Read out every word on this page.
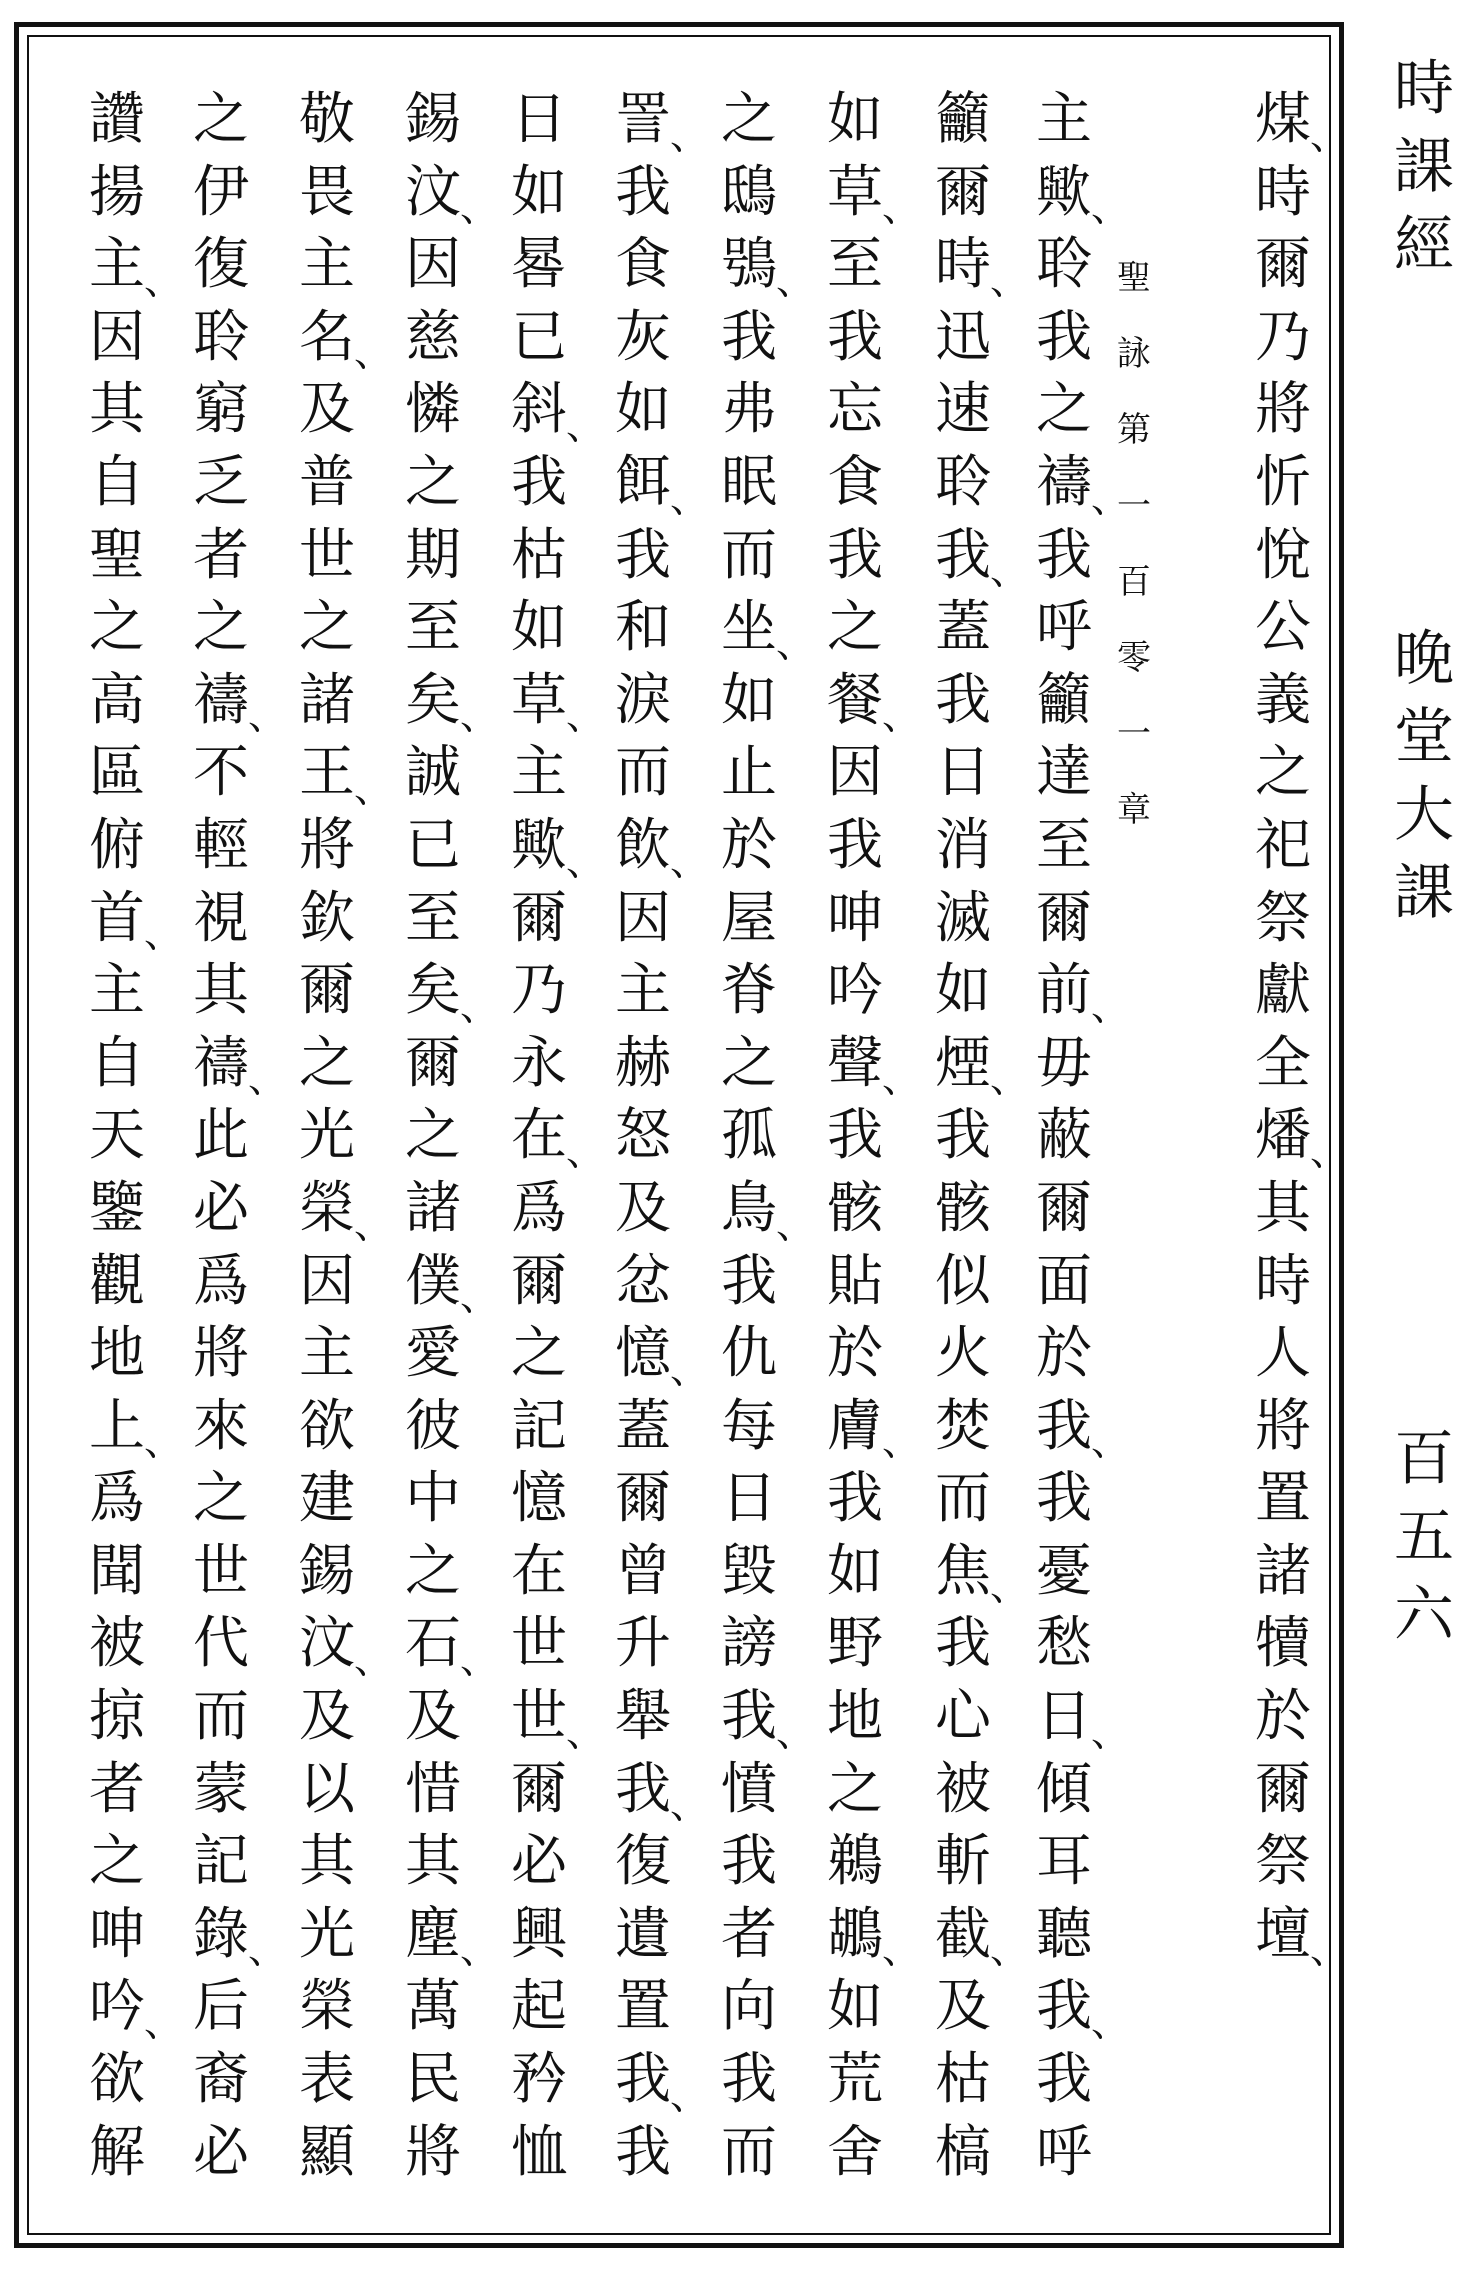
聖
詠
第
一
百
零
一
章
煤 、
時
爾
乃
將
忻
悅
公
義
之
祀
祭
獻
全
燔 、
其
時
人
將
置
諸
犢
於
爾
祭
壇 、
主
歟 、
聆
我
之
禱 、
我
呼
籲
達
至
爾
前 、
毋
蔽
爾
面
於
我 、
我
憂
愁
日 、
傾
耳
聽
我 、
我
呼
籲
爾
時 、
迅
速
聆
我 、
蓋
我
日
消
滅
如
煙 、
我
骸
似
火
焚
而
焦 、
我
心
被
斬
截 、
及
枯
槁
如
草 、
至
我
忘
食
我
之
餐 、
因
我
呻
吟
聲 、
我
骸
貼
於
膚 、
我
如
野
地
之
鵜
鶘 、
如
荒
舍
之
鴟
鴞 、
我
弗
眠
而
坐 、
如
止
於
屋
脊
之
孤
鳥 、
我
仇
每
日
毀
謗
我 、
憤
我
者
向
我
而
詈 、
我
食
灰
如
餌 、
我
和
淚
而
飲 、
因
主
赫
怒
及
忿
憶 、
蓋
爾
曾
升
舉
我 、
復
遺
置
我 、
我
日
如
晷
已
斜 、
我
枯
如
草 、
主
歟 、
爾
乃
永
在 、
爲
爾
之
記
憶
在
世
世 、
爾
必
興
起
矜
恤
錫
汶 、
因
慈
憐
之
期
至
矣 、
誠
已
至
矣 、
爾
之
諸
僕 、
愛
彼
中
之
石 、
及
惜
其
塵 、
萬
民
將
敬
畏
主
名 、
及
普
世
之
諸
王 、
將
欽
爾
之
光
榮 、
因
主
欲
建
錫
汶 、
及
以
其
光
榮
表
顯
之
伊
復
聆
窮
乏
者
之
禱 、
不
輕
視
其
禱 、
此
必
爲
將
來
之
世
代
而
蒙
記
錄 、
后
裔
必
讚
揚
主 、
因
其
自
聖
之
高
區
俯
首 、
主
自
天
鑒
觀
地
上 、
爲
聞
被
掠
者
之
呻
吟 、
欲
解
時
課
經
晚
堂
大
課
百
五
六
